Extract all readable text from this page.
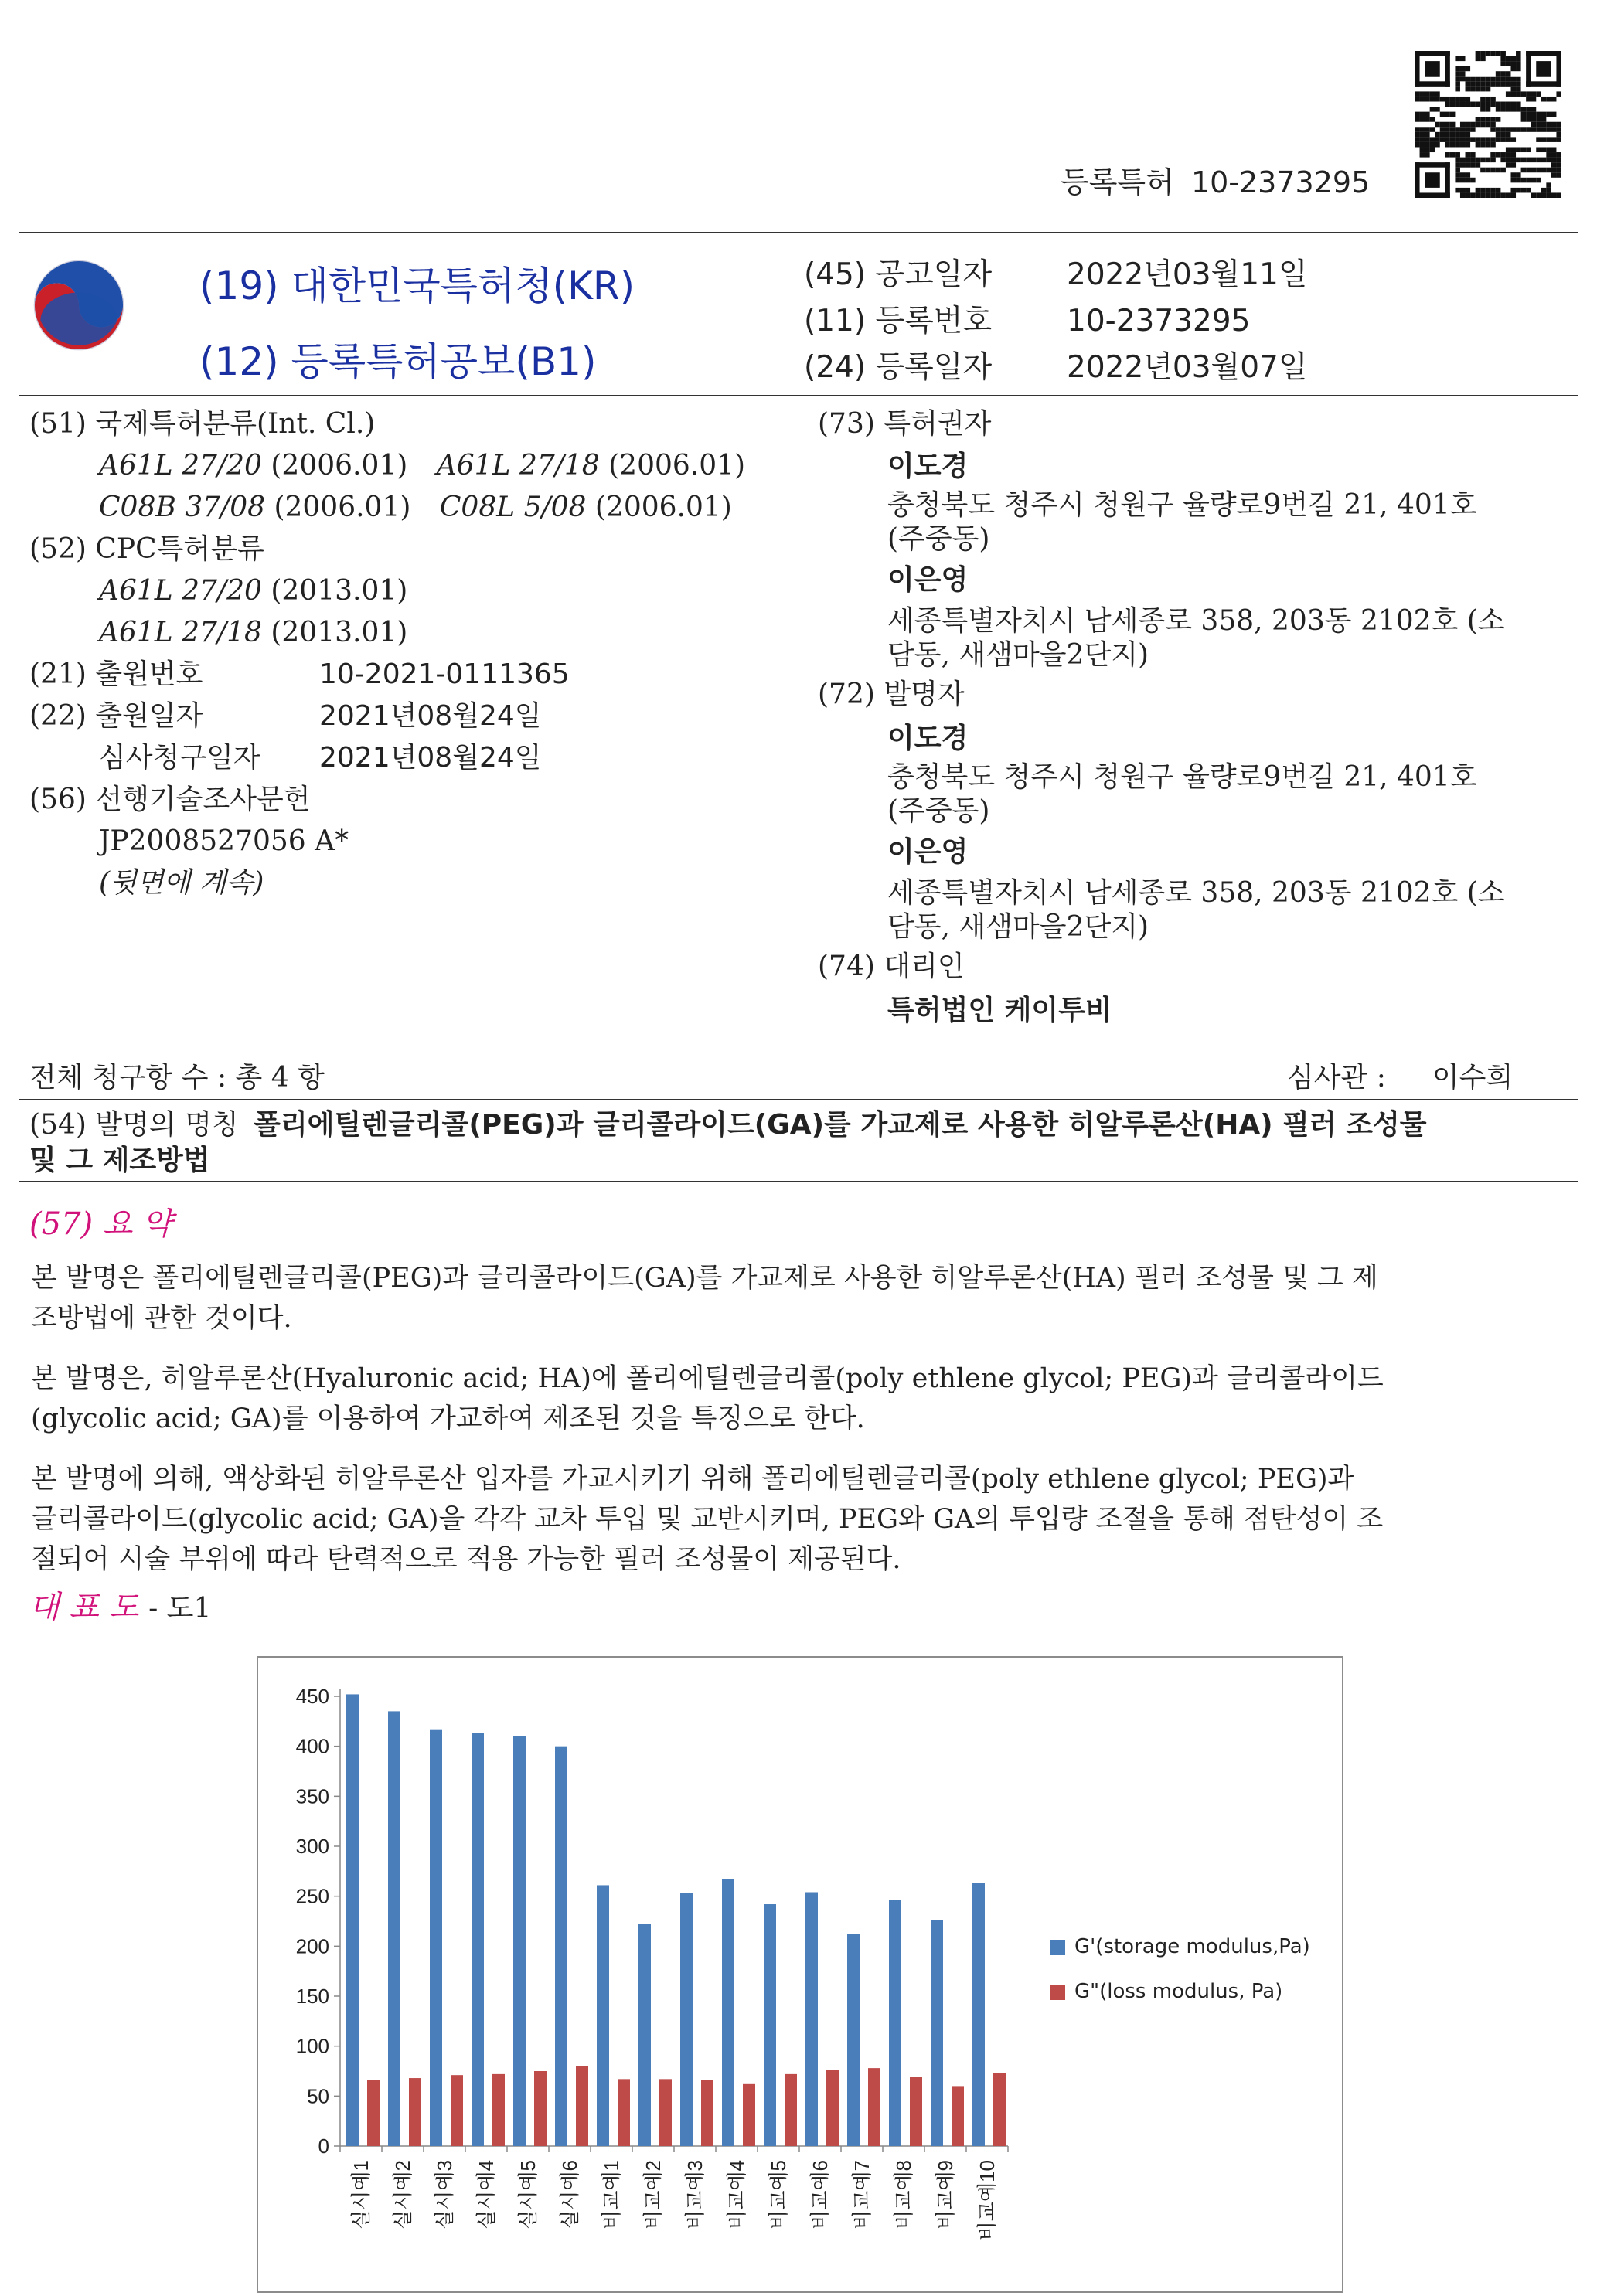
등록특허 10-2373295
(19) 대한민국특허청(KR)
(12) 등록특허공보(B1)
(45) 공고일자 2022년03월11일
(11) 등록번호 10-2373295
(24) 등록일자 2022년03월07일
(51) 국제특허분류(Int. Cl.)
A61L 27/20 (2006.01) A61L 27/18 (2006.01)
C08B 37/08 (2006.01) C08L 5/08 (2006.01)
(52) CPC특허분류
A61L 27/20 (2013.01)
A61L 27/18 (2013.01)
(21) 출원번호	10-2021-0111365
(22) 출원일자	2021년08월24일
심사청구일자 2021년08월24일
(56) 선행기술조사문헌
JP2008527056 A*
(뒷면에 계속)
(73) 특허권자
이도경
충청북도 청주시 청원구 율량로9번길 21, 401호
(주중동)
이은영
세종특별자치시 남세종로 358, 203동 2102호 (소
담동, 새샘마을2단지)
(72) 발명자
이도경
충청북도 청주시 청원구 율량로9번길 21, 401호
(주중동)
이은영
세종특별자치시 남세종로 358, 203동 2102호 (소
담동, 새샘마을2단지)
(74) 대리인
특허법인 케이투비
전체 청구항 수 : 총 4 항	심사관 : 이수희
(54) 발명의 명칭 폴리에틸렌글리콜(PEG)과 글리콜라이드(GA)를 가교제로 사용한 히알루론산(HA) 필러 조성물
및 그 제조방법
(57) 요 약
본 발명은 폴리에틸렌글리콜(PEG)과 글리콜라이드(GA)를 가교제로 사용한 히알루론산(HA) 필러 조성물 및 그 제
조방법에 관한 것이다.
본 발명은, 히알루론산(Hyaluronic acid; HA)에 폴리에틸렌글리콜(poly ethlene glycol; PEG)과 글리콜라이드
(glycolic acid; GA)를 이용하여 가교하여 제조된 것을 특징으로 한다.
본 발명에 의해, 액상화된 히알루론산 입자를 가교시키기 위해 폴리에틸렌글리콜(poly ethlene glycol; PEG)과
글리콜라이드(glycolic acid; GA)을 각각 교차 투입 및 교반시키며, PEG와 GA의 투입량 조절을 통해 점탄성이 조
절되어 시술 부위에 따라 탄력적으로 적용 가능한 필러 조성물이 제공된다.
대 표 도 - 도1
0
50
100
150
200
250
300
350
400
450
실시예1 실시예2 실시예3 실시예4 실시예5 실시예6 비교예1 비교예2 비교예3 비교예4 비교예5 비교예6 비교예7 비교예8 비교예9 비교예10
G'(storage modulus,Pa)
G"(loss modulus, Pa)
